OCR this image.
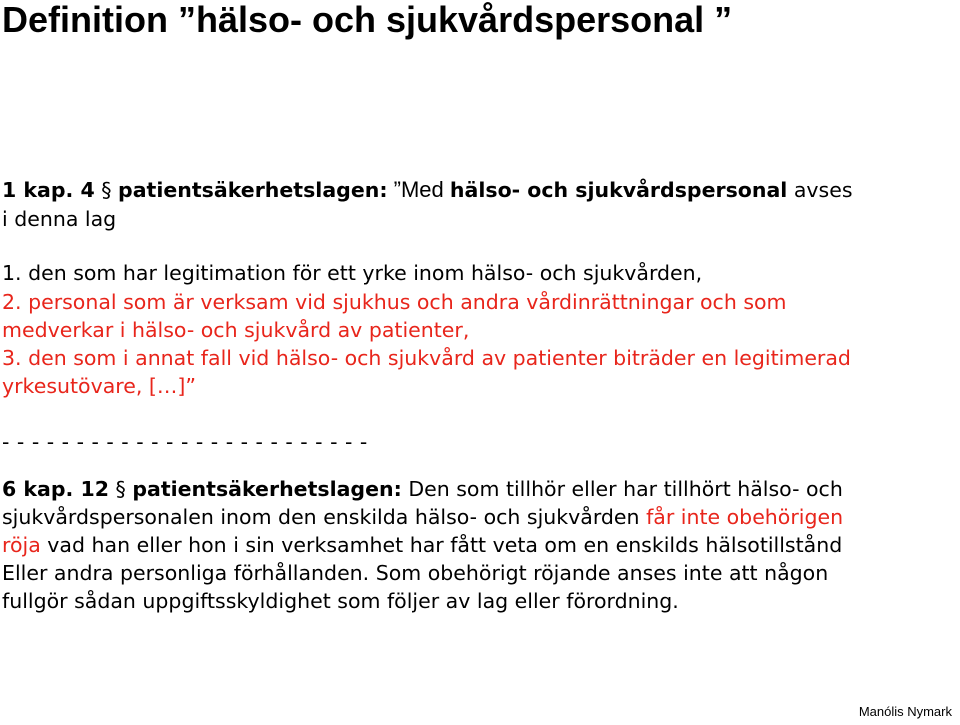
Definition ”hälso- och sjukvårdspersonal ”
1 kap. 4 § patientsäkerhetslagen: ”Med hälso- och sjukvårdspersonal avses
i denna lag
1. den som har legitimation för ett yrke inom hälso- och sjukvården,
2. personal som är verksam vid sjukhus och andra vårdinrättningar och som
medverkar i hälso- och sjukvård av patienter,
3. den som i annat fall vid hälso- och sjukvård av patienter biträder en legitimerad
yrkesutövare, […]”
- - - - - - - - - - - - - - - - - - - - - - - - -
6 kap. 12 § patientsäkerhetslagen: Den som tillhör eller har tillhört hälso- och
sjukvårdspersonalen inom den enskilda hälso- och sjukvården får inte obehörigen
röja vad han eller hon i sin verksamhet har fått veta om en enskilds hälsotillstånd
Eller andra personliga förhållanden. Som obehörigt röjande anses inte att någon
fullgör sådan uppgiftsskyldighet som följer av lag eller förordning.
Manólis Nymark
